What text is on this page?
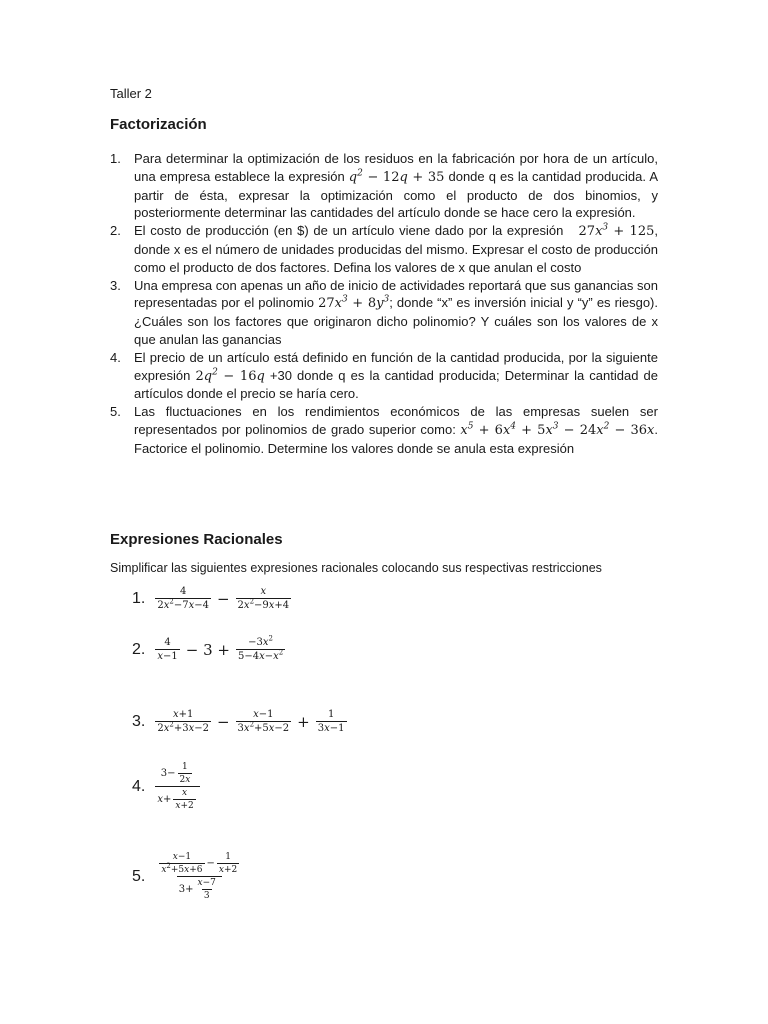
Taller 2
Factorización
1. Para determinar la optimización de los residuos en la fabricación por hora de un artículo, una empresa establece la expresión $q^2 - 12q + 35$ donde q es la cantidad producida. A partir de ésta, expresar la optimización como el producto de dos binomios, y posteriormente determinar las cantidades del artículo donde se hace cero la expresión.
2. El costo de producción (en $) de un artículo viene dado por la expresión   $27x^3 + 125$, donde x es el número de unidades producidas del mismo. Expresar el costo de producción como el producto de dos factores. Defina los valores de x que anulan el costo
3. Una empresa con apenas un año de inicio de actividades reportará que sus ganancias son representadas por el polinomio $27x^3 + 8y^3$; donde “x” es inversión inicial y “y” es riesgo). ¿Cuáles son los factores que originaron dicho polinomio? Y cuáles son los valores de x que anulan las ganancias
4. El precio de un artículo está definido en función de la cantidad producida, por la siguiente expresión $2q^2 - 16q +30$ donde q es la cantidad producida; Determinar la cantidad de artículos donde el precio se haría cero.
5. Las fluctuaciones en los rendimientos económicos de las empresas suelen ser representados por polinomios de grado superior como: $x^5 + 6x^4 + 5x^3 - 24x^2 - 36x$. Factorice el polinomio. Determine los valores donde se anula esta expresión
Expresiones Racionales
Simplificar las siguientes expresiones racionales colocando sus respectivas restricciones
1. $\frac{4}{2x^2-7x-4} - \frac{x}{2x^2-9x+4}$
2. $\frac{4}{x-1} - 3 + \frac{-3x^2}{5-4x-x^2}$
3. $\frac{x+1}{2x^2+3x-2} - \frac{x-1}{3x^2+5x-2} + \frac{1}{3x-1}$
4. $\frac{3- \frac{1}{2x}}{x+ \frac{x}{x+2}}$
5. $\frac{\frac{x-1}{x^2+5x+6} - \frac{1}{x+2}}{3+ \frac{x-7}{3}}$
